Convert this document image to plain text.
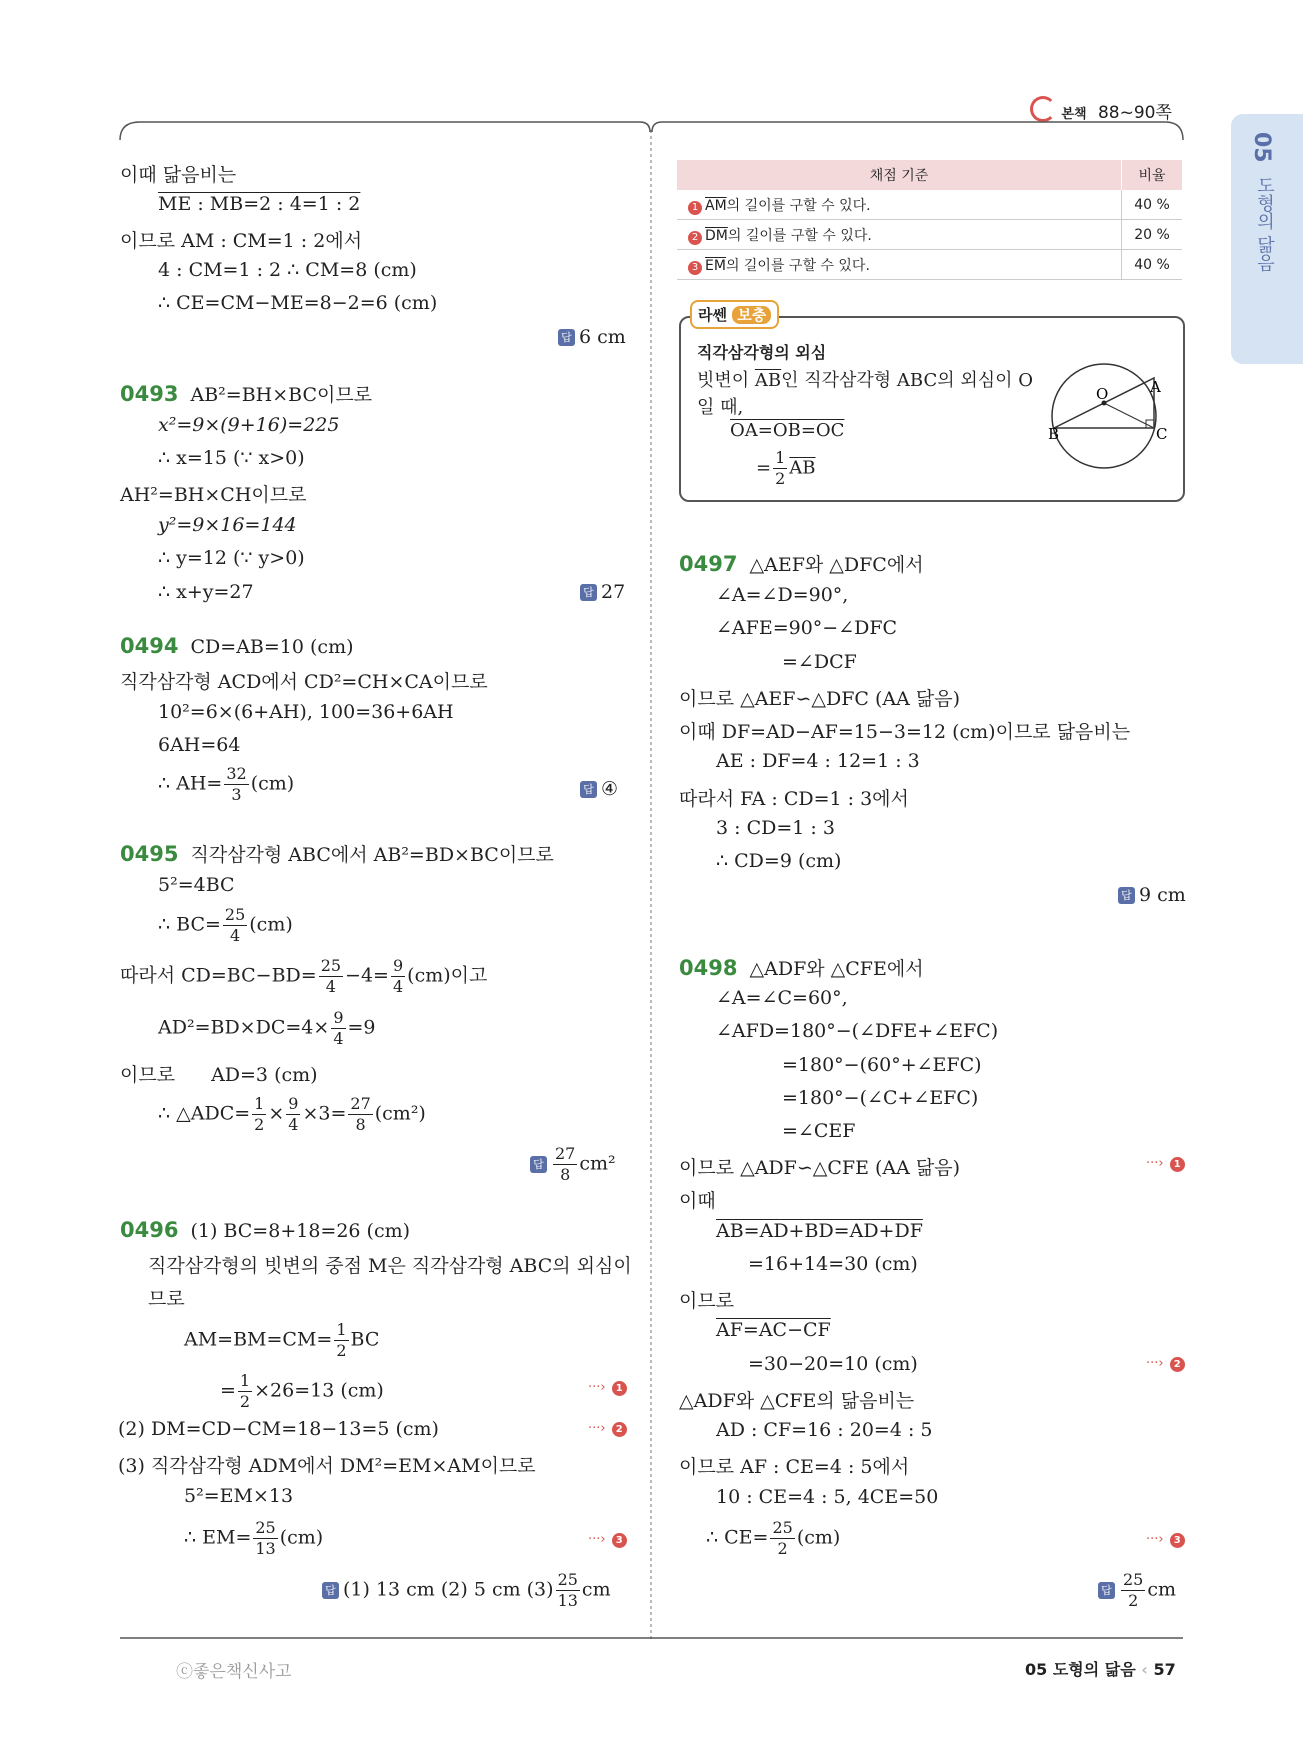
본책 88~90쪽
05
도형의 닮음
이때 닮음비는
ME : MB=2 : 4=1 : 2
이므로 AM : CM=1 : 2에서
4 : CM=1 : 2 ∴ CM=8 (cm)
∴ CE=CM−ME=8−2=6 (cm)
답 6 cm
0493 AB²=BH×BC이므로
x²=9×(9+16)=225
∴ x=15 (∵ x>0)
AH²=BH×CH이므로
y²=9×16=144
∴ y=12 (∵ y>0)
∴ x+y=27	답 27
0494 CD=AB=10 (cm)
직각삼각형 ACD에서 CD²=CH×CA이므로
10²=6×(6+AH), 100=36+6AH
6AH=64
∴ $AH= \frac{32}{3} (cm)$	답 ④
0495 직각삼각형 ABC에서 AB²=BD×BC이므로
5²=4BC
∴ $BC= \frac{25}{4} (cm)$
따라서 $CD=BC-BD= \frac{25}{4} -4= \frac{9}{4} (cm)$이고
$AD^2=BD\times DC=4\times \frac{9}{4} =9$
이므로 AD=3 (cm)
∴ △ADC= $\frac{1}{2} \times \frac{9}{4} \times 3= \frac{27}{8} (cm^2)$
답 $\frac{27}{8} cm^2$
0496 (1) BC=8+18=26 (cm)
직각삼각형의 빗변의 중점 M은 직각삼각형 ABC의 외심이
므로
$AM=BM=CM= \frac{1}{2}$ BC
= $\frac{1}{2} \times 26=13$ (cm)	···› 1
(2) DM=CD−CM=18−13=5 (cm)	···› 2
(3) 직각삼각형 ADM에서 DM²=EM×AM이므로
5²=EM×13
∴ $EM= \frac{25}{13} (cm)$	···› 3
답 (1) 13 cm (2) 5 cm $(3) \frac{25}{13}$ cm
채점 기준	비율
1 $\overline{AM}$의 길이를 구할 수 있다.	40 %
2 $\overline{DM}$의 길이를 구할 수 있다.	20 %
3 $\overline{EM}$의 길이를 구할 수 있다.	40 %
라쎈 보충
직각삼각형의 외심
빗변이 $\overline{AB}$인 직각삼각형 ABC의 외심이 O
일 때,
OA=OB=OC
= $\frac{1}{2} \overline{AB}$
A
B	C
O
0497 △AEF와 △DFC에서
∠A=∠D=90°,
∠AFE=90°−∠DFC
=∠DCF
이므로 △AEF∽△DFC (AA 닮음)
이때 DF=AD−AF=15−3=12 (cm)이므로 닮음비는
AE : DF=4 : 12=1 : 3
따라서 FA : CD=1 : 3에서
3 : CD=1 : 3
∴ CD=9 (cm)
답 9 cm
0498 △ADF와 △CFE에서
∠A=∠C=60°,
∠AFD=180°−(∠DFE+∠EFC)
=180°−(60°+∠EFC)
=180°−(∠C+∠EFC)
=∠CEF
이므로 △ADF∽△CFE (AA 닮음)	···› 1
이때
AB=AD+BD=AD+DF
=16+14=30 (cm)
이므로
AF=AC−CF
=30−20=10 (cm)	···› 2
△ADF와 △CFE의 닮음비는
AD : CF=16 : 20=4 : 5
이므로 AF : CE=4 : 5에서
10 : CE=4 : 5, 4CE=50
∴ $CE= \frac{25}{2} (cm)$	···› 3
답 $\frac{25}{2}$ cm
ⓒ좋은책신사고	05 도형의 닮음 ‹ 57
